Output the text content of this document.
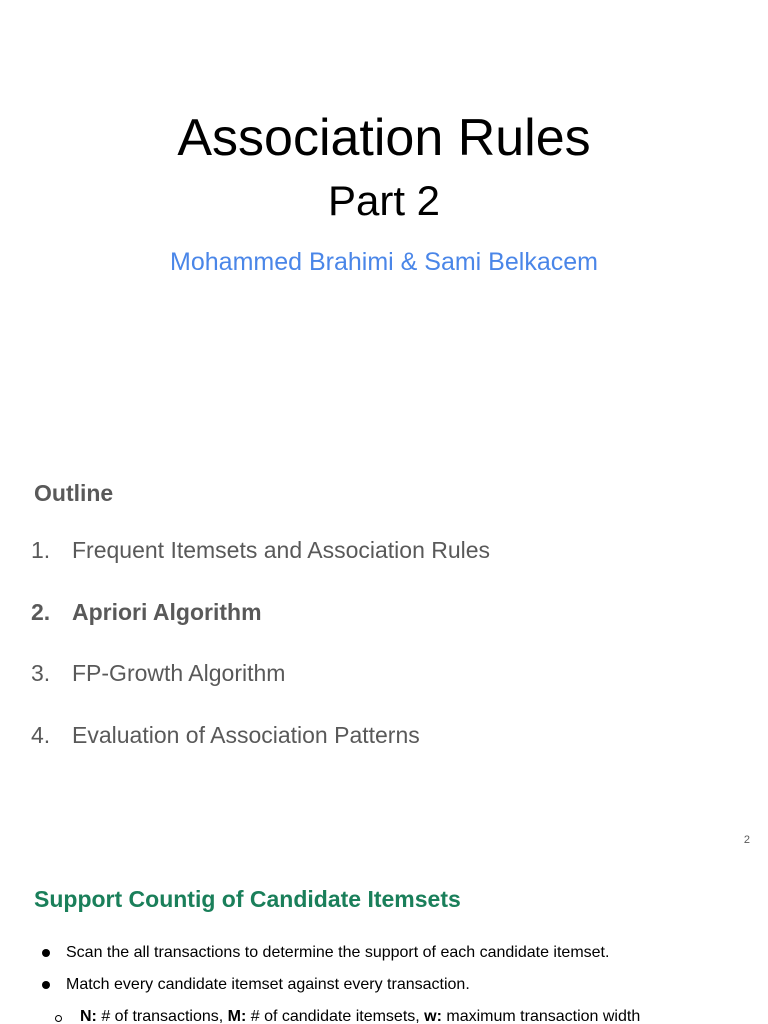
Association Rules
Part 2
Mohammed Brahimi & Sami Belkacem
Outline
1. Frequent Itemsets and Association Rules
2. Apriori Algorithm
3. FP-Growth Algorithm
4. Evaluation of Association Patterns
2
Support Countig of Candidate Itemsets
Scan the all transactions to determine the support of each candidate itemset.
Match every candidate itemset against every transaction.
N: # of transactions, M: # of candidate itemsets, w: maximum transaction width
